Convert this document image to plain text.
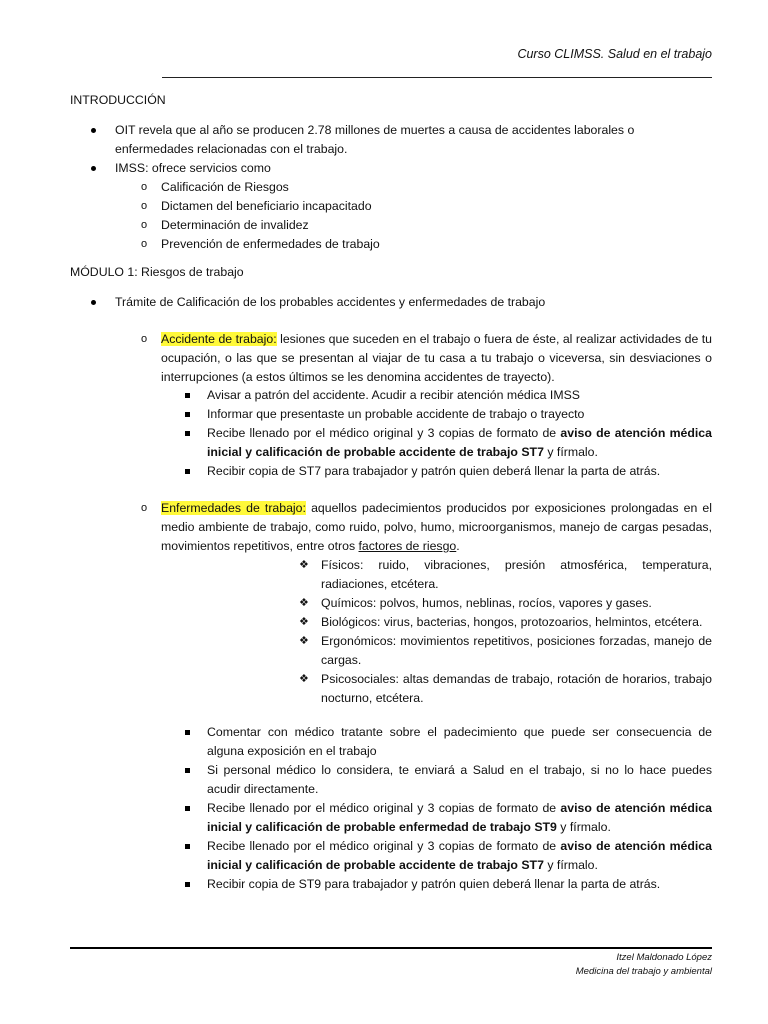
Curso CLIMSS. Salud en el trabajo
INTRODUCCIÓN
OIT revela que al año se producen 2.78 millones de muertes a causa de accidentes laborales o enfermedades relacionadas con el trabajo.
IMSS: ofrece servicios como
o Calificación de Riesgos
o Dictamen del beneficiario incapacitado
o Determinación de invalidez
o Prevención de enfermedades de trabajo
MÓDULO 1: Riesgos de trabajo
Trámite de Calificación de los probables accidentes y enfermedades de trabajo
o Accidente de trabajo: lesiones que suceden en el trabajo o fuera de éste, al realizar actividades de tu ocupación, o las que se presentan al viajar de tu casa a tu trabajo o viceversa, sin desviaciones o interrupciones (a estos últimos se les denomina accidentes de trayecto).
Avisar a patrón del accidente. Acudir a recibir atención médica IMSS
Informar que presentaste un probable accidente de trabajo o trayecto
Recibe llenado por el médico original y 3 copias de formato de aviso de atención médica inicial y calificación de probable accidente de trabajo ST7 y fírmalo.
Recibir copia de ST7 para trabajador y patrón quien deberá llenar la parta de atrás.
o Enfermedades de trabajo: aquellos padecimientos producidos por exposiciones prolongadas en el medio ambiente de trabajo, como ruido, polvo, humo, microorganismos, manejo de cargas pesadas, movimientos repetitivos, entre otros factores de riesgo.
❖ Físicos: ruido, vibraciones, presión atmosférica, temperatura, radiaciones, etcétera.
❖ Químicos: polvos, humos, neblinas, rocíos, vapores y gases.
❖ Biológicos: virus, bacterias, hongos, protozoarios, helmintos, etcétera.
❖ Ergonómicos: movimientos repetitivos, posiciones forzadas, manejo de cargas.
❖ Psicosociales: altas demandas de trabajo, rotación de horarios, trabajo nocturno, etcétera.
Comentar con médico tratante sobre el padecimiento que puede ser consecuencia de alguna exposición en el trabajo
Si personal médico lo considera, te enviará a Salud en el trabajo, si no lo hace puedes acudir directamente.
Recibe llenado por el médico original y 3 copias de formato de aviso de atención médica inicial y calificación de probable enfermedad de trabajo ST9 y fírmalo.
Recibe llenado por el médico original y 3 copias de formato de aviso de atención médica inicial y calificación de probable accidente de trabajo ST7 y fírmalo.
Recibir copia de ST9 para trabajador y patrón quien deberá llenar la parta de atrás.
Itzel Maldonado López
Medicina del trabajo y ambiental
